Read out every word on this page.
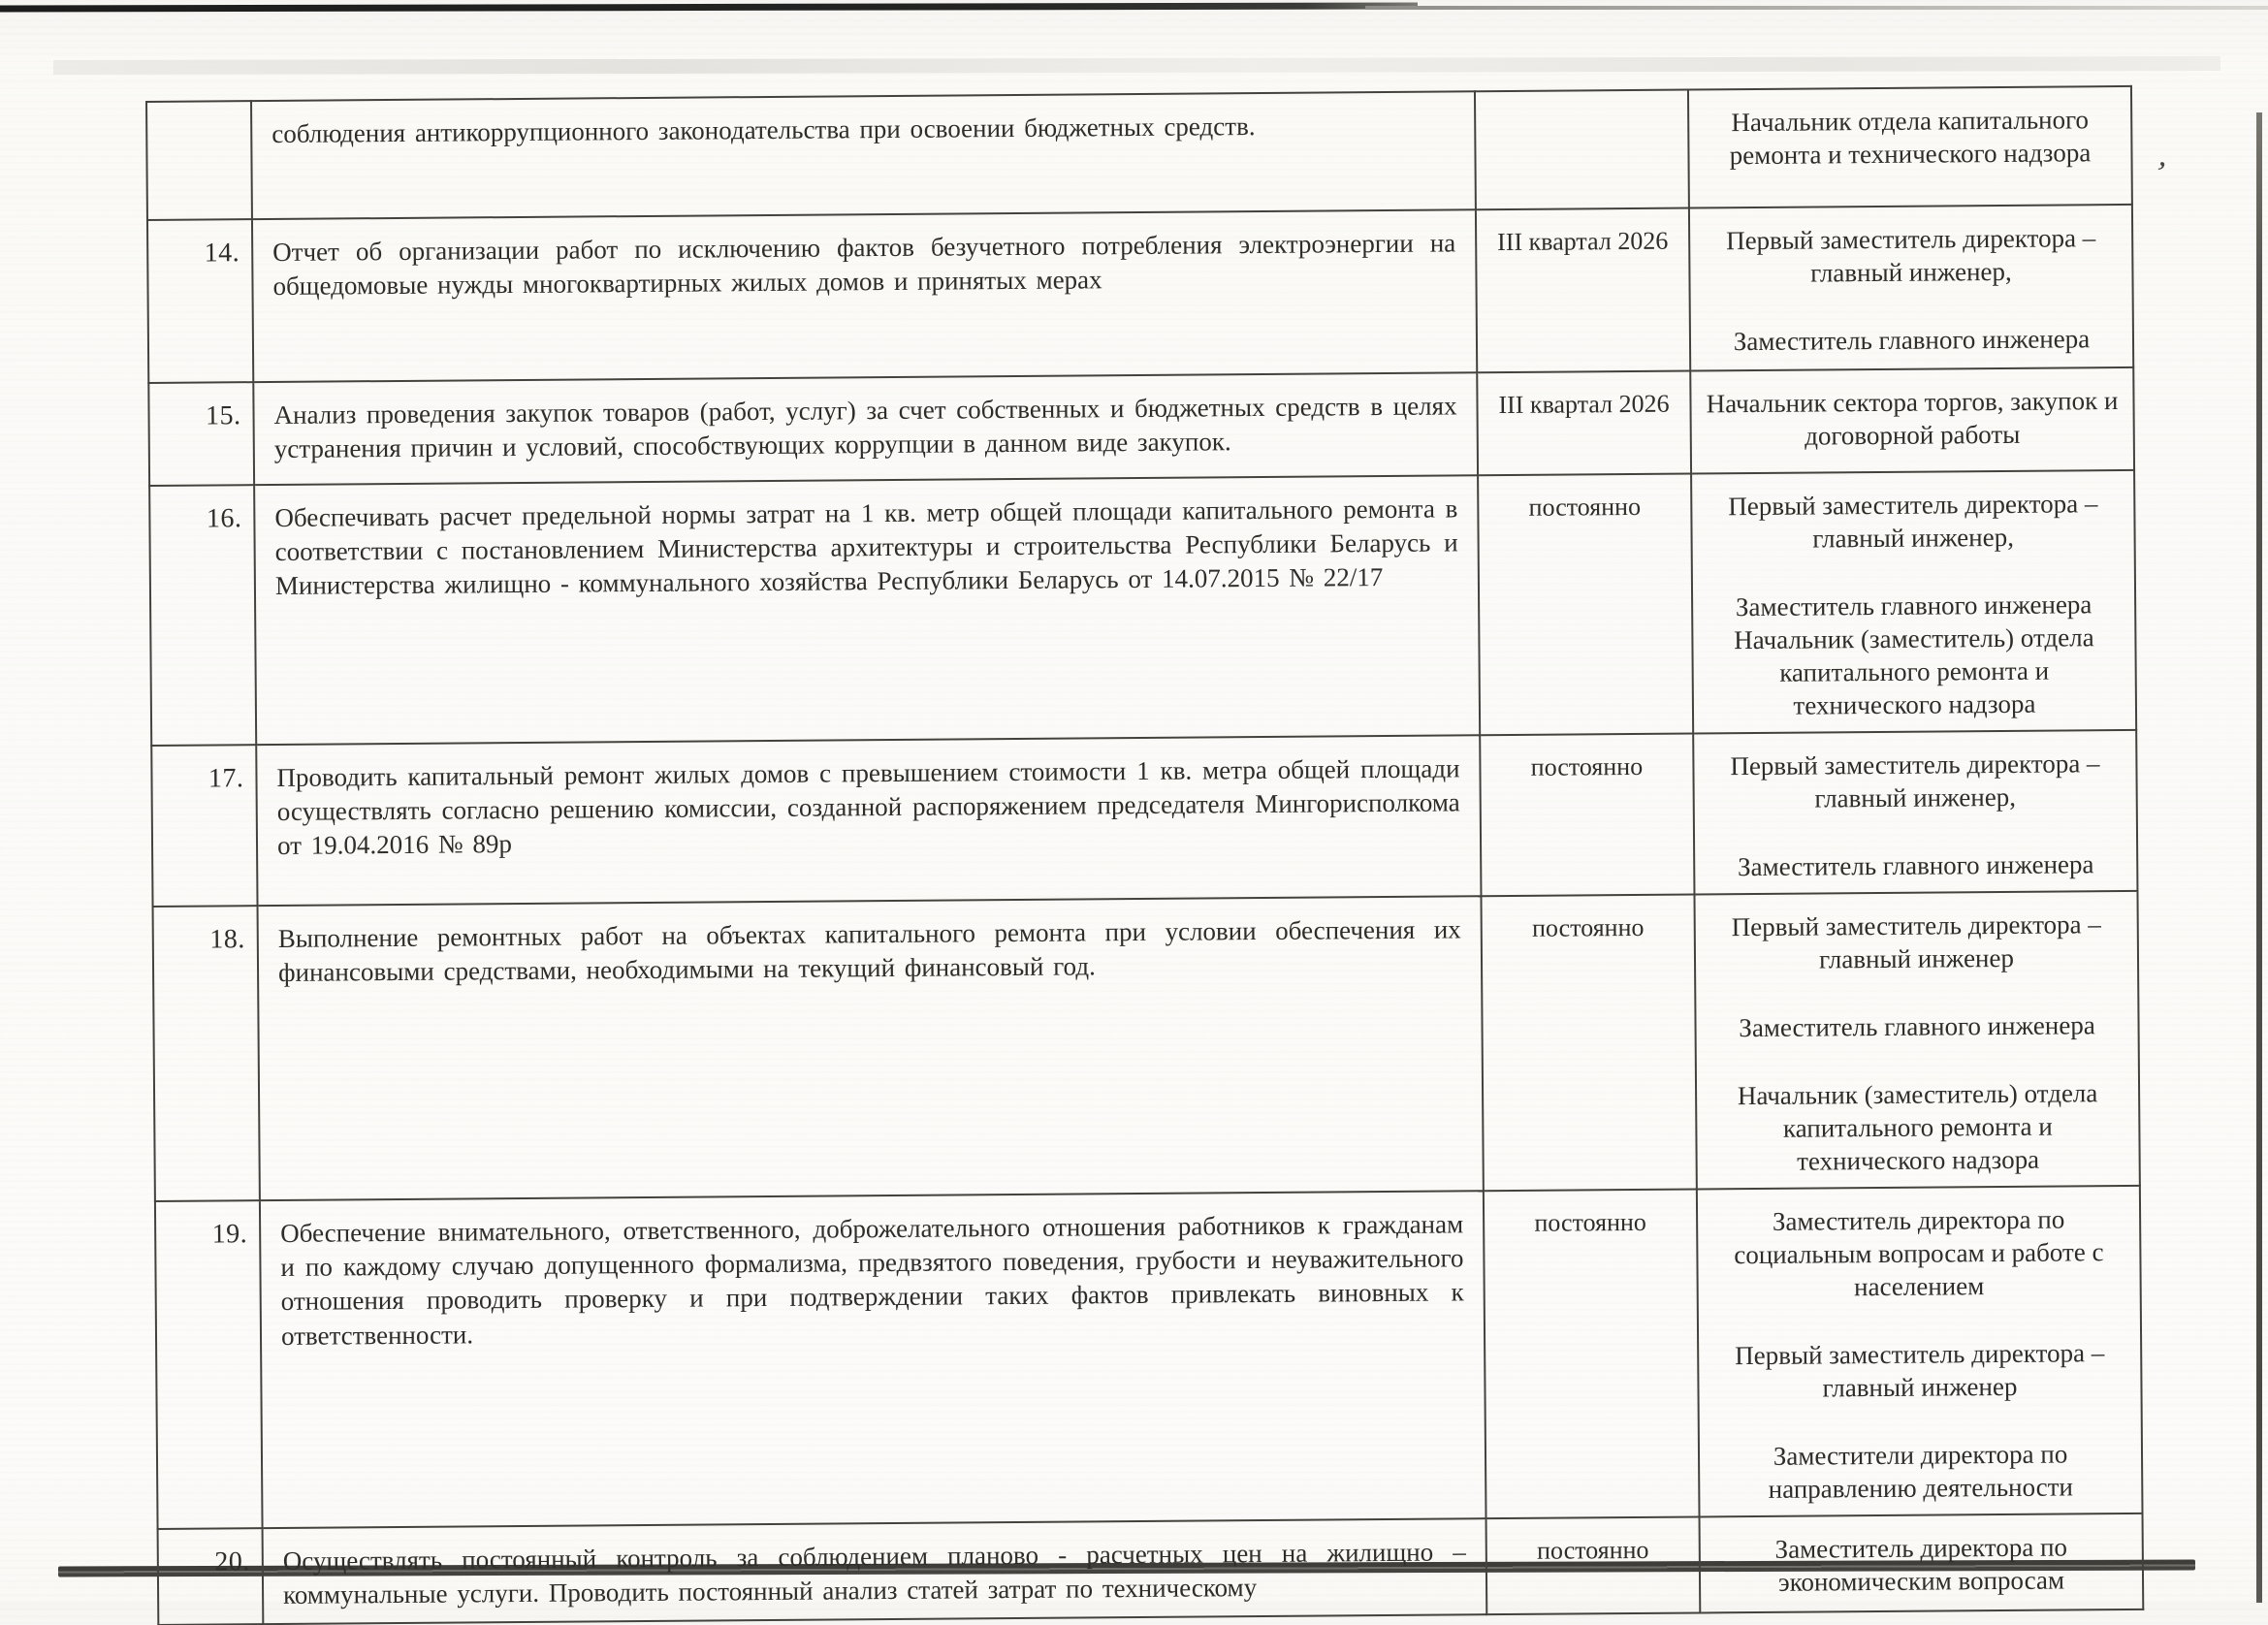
,
	соблюдения антикоррупционного законодательства при освоении бюджетных средств.		Начальник отдела капитального ремонта и технического надзора

14.	Отчет об организации работ по исключению фактов безучетного потребления электроэнергии на общедомовые нужды многоквартирных жилых домов и принятых мерах	III квартал 2026	Первый заместитель директора – главный инженер,
Заместитель главного инженера

15.	Анализ проведения закупок товаров (работ, услуг) за счет собственных и бюджетных средств в целях устранения причин и условий, способствующих коррупции в данном виде закупок.	III квартал 2026	Начальник сектора торгов, закупок и договорной работы

16.	Обеспечивать расчет предельной нормы затрат на 1 кв. метр общей площади капитального ремонта в соответствии с постановлением Министерства архитектуры и строительства Республики Беларусь и Министерства жилищно - коммунального хозяйства Республики Беларусь от 14.07.2015 № 22/17	постоянно	Первый заместитель директора – главный инженер,
Заместитель главного инженера
Начальник (заместитель) отдела капитального ремонта и технического надзора

17.	Проводить капитальный ремонт жилых домов с превышением стоимости 1 кв. метра общей площади осуществлять согласно решению комиссии, созданной распоряжением председателя Мингорисполкома от 19.04.2016 № 89р	постоянно	Первый заместитель директора – главный инженер,
Заместитель главного инженера

18.	Выполнение ремонтных работ на объектах капитального ремонта при условии обеспечения их финансовыми средствами, необходимыми на текущий финансовый год.	постоянно	Первый заместитель директора – главный инженер
Заместитель главного инженера
Начальник (заместитель) отдела капитального ремонта и технического надзора

19.	Обеспечение внимательного, ответственного, доброжелательного отношения работников к гражданам и по каждому случаю допущенного формализма, предвзятого поведения, грубости и неуважительного отношения проводить проверку и при подтверждении таких фактов привлекать виновных к ответственности.	постоянно	Заместитель директора по социальным вопросам и работе с населением
Первый заместитель директора – главный инженер
Заместители директора по направлению деятельности

20.	Осуществлять постоянный контроль за соблюдением планово - расчетных цен на жилищно – коммунальные услуги. Проводить постоянный анализ статей затрат по техническому	постоянно	Заместитель директора по экономическим вопросам
